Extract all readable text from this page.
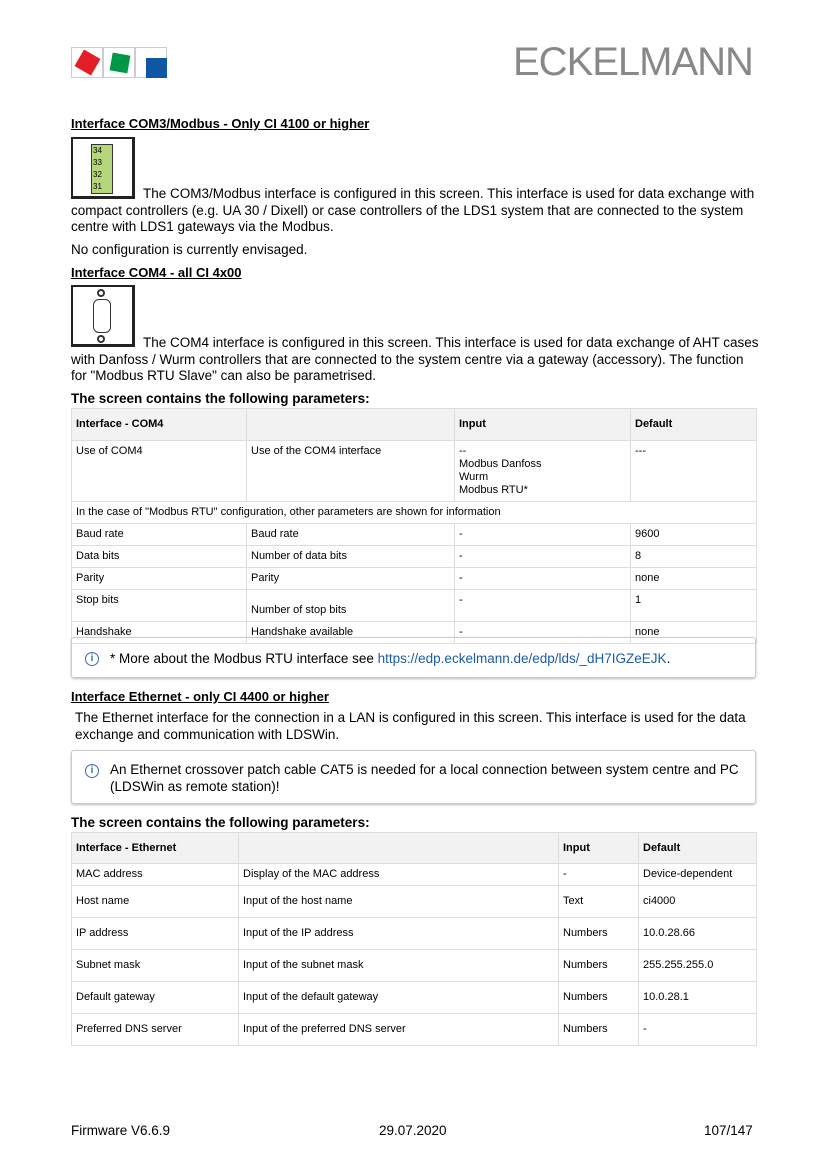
ECKELMANN
Interface COM3/Modbus - Only CI 4100 or higher
34
33
32
31	The COM3/Modbus interface is configured in this screen. This interface is used for data exchange with compact controllers (e.g. UA 30 / Dixell) or case controllers of the LDS1 system that are connected to the system centre with LDS1 gateways via the Modbus.
No configuration is currently envisaged.
Interface COM4 - all CI 4x00
The COM4 interface is configured in this screen. This interface is used for data exchange of AHT cases with Danfoss / Wurm controllers that are connected to the system centre via a gateway (accessory). The function for "Modbus RTU Slave" can also be parametrised.
The screen contains the following parameters:
Interface - COM4		Input	Default
Use of COM4	Use of the COM4 interface	--
Modbus Danfoss
Wurm
Modbus RTU*	---
In the case of "Modbus RTU" configuration, other parameters are shown for information			
Baud rate	Baud rate	-	9600
Data bits	Number of data bits	-	8
Parity	Parity	-	none
Stop bits	Number of stop bits	-	1
Handshake	Handshake available	-	none
i	* More about the Modbus RTU interface see https://edp.eckelmann.de/edp/lds/_dH7IGZeEJK.
Interface Ethernet - only CI 4400 or higher
The Ethernet interface for the connection in a LAN is configured in this screen. This interface is used for the data exchange and communication with LDSWin.
i	An Ethernet crossover patch cable CAT5 is needed for a local connection between system centre and PC (LDSWin as remote station)!
The screen contains the following parameters:
Interface - Ethernet		Input	Default
MAC address	Display of the MAC address	-	Device-dependent
Host name	Input of the host name	Text	ci4000
IP address	Input of the IP address	Numbers	10.0.28.66
Subnet mask	Input of the subnet mask	Numbers	255.255.255.0
Default gateway	Input of the default gateway	Numbers	10.0.28.1
Preferred DNS server	Input of the preferred DNS server	Numbers	-
Firmware V6.6.9	29.07.2020	107/147
